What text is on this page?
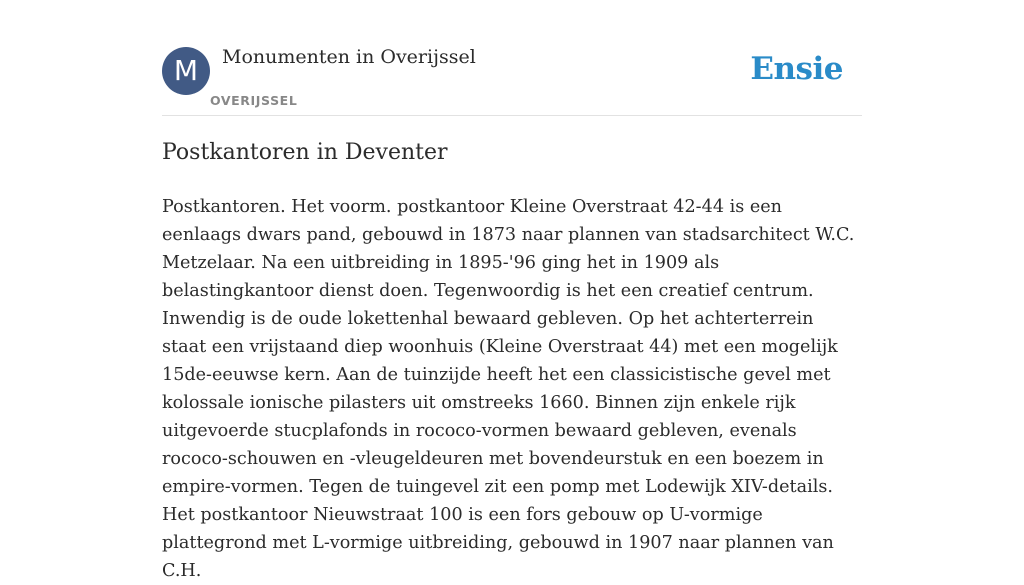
M	Monumenten in Overijssel
OVERIJSSEL
Ensie
Postkantoren in Deventer

Postkantoren. Het voorm. postkantoor Kleine Overstraat 42-44 is een eenlaags dwars pand, gebouwd in 1873 naar plannen van stadsarchitect W.C. Metzelaar. Na een uitbreiding in 1895-'96 ging het in 1909 als belastingkantoor dienst doen. Tegenwoordig is het een creatief centrum. Inwendig is de oude lokettenhal bewaard gebleven. Op het achterterrein staat een vrijstaand diep woonhuis (Kleine Overstraat 44) met een mogelijk 15de-eeuwse kern. Aan de tuinzijde heeft het een classicistische gevel met kolossale ionische pilasters uit omstreeks 1660. Binnen zijn enkele rijk uitgevoerde stucplafonds in rococo-vormen bewaard gebleven, evenals rococo-schouwen en -vleugeldeuren met bovendeurstuk en een boezem in empire-vormen. Tegen de tuingevel zit een pomp met Lodewijk XIV-details. Het postkantoor Nieuwstraat 100 is een fors gebouw op U-vormige plattegrond met L-vormige uitbreiding, gebouwd in 1907 naar plannen van C.H.
